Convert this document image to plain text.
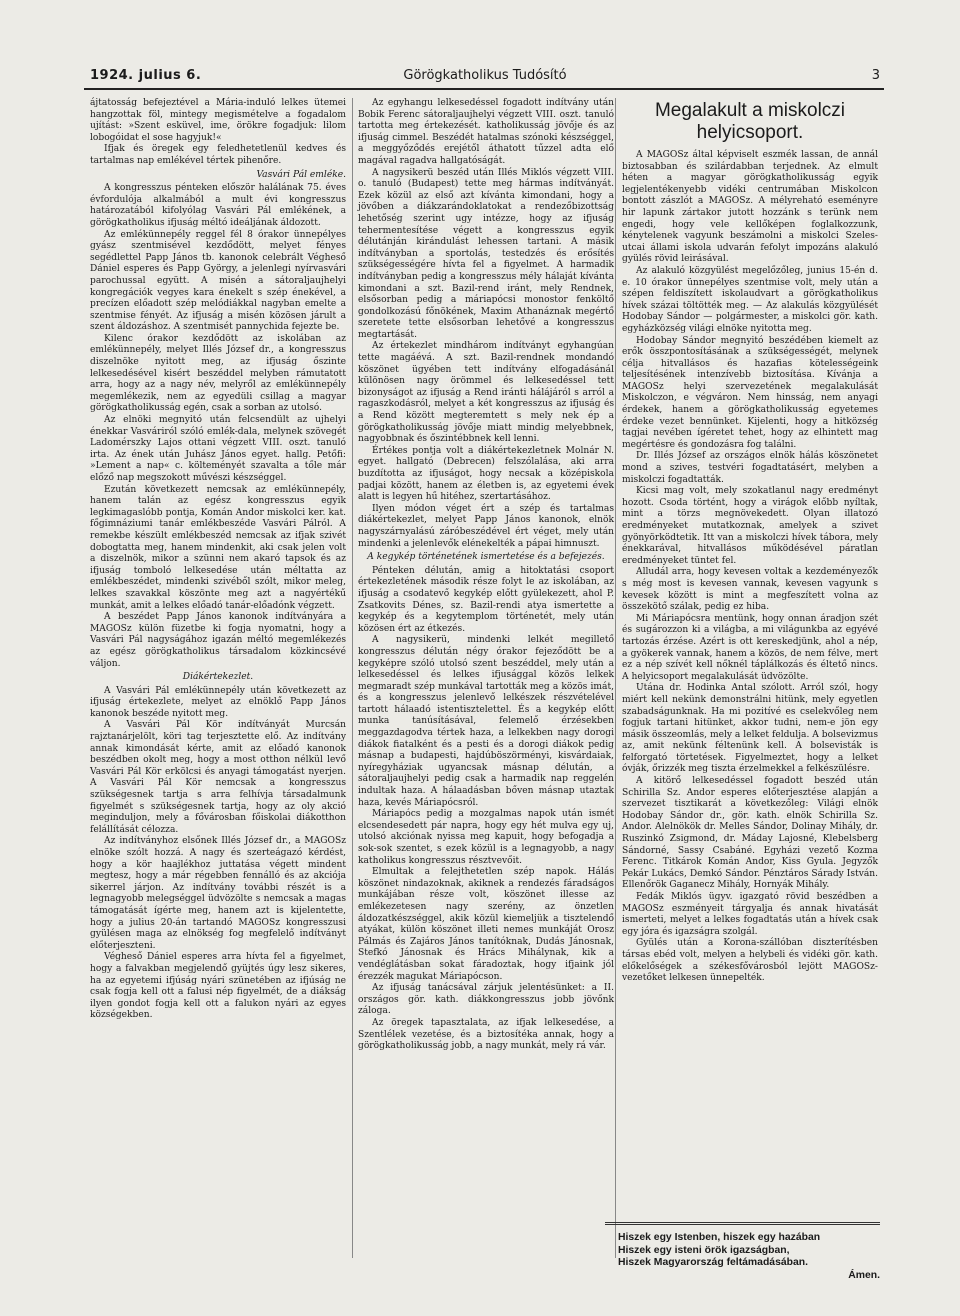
1924. julius 6.	Görögkatholikus Tudósító	3

ájtatosság befejeztével a Mária-induló lelkes ütemei hangzottak föl, mintegy megismételve a fogadalom ujítást: »Szent esküvel, ime, örökre fogadjuk: lilom lobogóidat el sose hagyjuk!«

Ifjak és öregek egy feledhetetlenül kedves és tartalmas nap emlékével tértek pihenőre.

Vasvári Pál emléke.

A kongresszus pénteken először halálának 75. éves évfordulója alkalmából a mult évi kongresszus határozatából kifolyólag Vasvári Pál emlékének, a görögkatholikus ifjuság méltó ideáljának áldozott.

Az emlékünnepély reggel fél 8 órakor ünnepélyes gyász szentmisével kezdődött, melyet fényes segédlettel Papp János tb. kanonok celebrált Végheső Dániel esperes és Papp György, a jelenlegi nyírvasvári parochussal együtt. A misén a sátoraljaujhelyi kongregációk vegyes kara énekelt s szép énekével, a precízen előadott szép melódiákkal nagyban emelte a szentmise fényét. Az ifjuság a misén közösen járult a szent áldozáshoz. A szentmisét pannychida fejezte be.

Kilenc órakor kezdődött az iskolában az emlékünnepély, melyet Illés József dr., a kongresszus diszelnöke nyitott meg, az ifjuság őszinte lelkesedésével kisért beszéddel melyben rámutatott arra, hogy az a nagy név, melyről az emlékünnepély megemlékezik, nem az egyedüli csillag a magyar görögkatholikusság egén, csak a sorban az utolsó.

Az elnöki megnyitó után felcsendült az ujhelyi énekkar Vasváriról szóló emlék-dala, melynek szövegét Ladomérszky Lajos ottani végzett VIII. oszt. tanuló irta. Az ének után Juhász János egyet. hallg. Petőfi: »Lement a nap« c. költeményét szavalta a tőle már előző nap megszokott művészi készséggel.

Ezután következett nemcsak az emlékünnepély, hanem talán az egész kongresszus egyik legkimagaslóbb pontja, Komán Andor miskolci ker. kat. főgimnáziumi tanár emlékbeszéde Vasvári Pálról. A remekbe készült emlékbeszéd nemcsak az ifjak szivét dobogtatta meg, hanem mindenkit, aki csak jelen volt a diszelnök, mikor a szünni nem akaró tapsok és az ifjuság tomboló lelkesedése után méltatta az emlékbeszédet, mindenki szivéből szólt, mikor meleg, lelkes szavakkal köszönte meg azt a nagyértékű munkát, amit a lelkes előadó tanár-előadónk végzett.

A beszédet Papp János kanonok indítványára a MAGOSz külön füzetbe ki fogja nyomatni, hogy a Vasvári Pál nagyságához igazán méltó megemlékezés az egész görögkatholikus társadalom közkincsévé váljon.

Diákértekezlet.

A Vasvári Pál emlékünnepély után következett az ifjuság értekezlete, melyet az elnöklő Papp János kanonok beszéde nyitott meg.

A Vasvári Pál Kör indítványát Murcsán rajztanárjelölt, köri tag terjesztette elő. Az indítvány annak kimondását kérte, amit az előadó kanonok beszédben okolt meg, hogy a most otthon nélkül levő Vasvári Pál Kör erkölcsi és anyagi támogatást nyerjen. A Vasvári Pál Kör nemcsak a kongresszus szükségesnek tartja s arra felhívja társadalmunk figyelmét s szükségesnek tartja, hogy az oly akció meginduljon, mely a fővárosban főiskolai diákotthon felállítását célozza.

Az indítványhoz elsőnek Illés József dr., a MAGOSz elnöke szólt hozzá. A nagy és szerteágazó kérdést, hogy a kör haajlékhoz juttatása végett mindent megtesz, hogy a már régebben fennálló és az akciója sikerrel járjon. Az indítvány további részét is a legnagyobb melegséggel üdvözölte s nemcsak a magas támogatását ígérte meg, hanem azt is kijelentette, hogy a julius 20-án tartandó MAGOSz kongresszusi gyülésen maga az elnökség fog megfelelő indítványt előterjeszteni.

Végheső Dániel esperes arra hívta fel a figyelmet, hogy a falvakban megjelendő gyüjtés úgy lesz sikeres, ha az egyetemi ifjúság nyári szünetében az ifjúság ne csak fogja kell ott a falusi nép figyelmét, de a diákság ilyen gondot fogja kell ott a falukon nyári az egyes községekben.

Az egyhangu lelkesedéssel fogadott indítvány után Bobik Ferenc sátoraljaujhelyi végzett VIII. oszt. tanuló tartotta meg értekezését. katholikusság jövője és az ifjuság cimmel. Beszédét hatalmas szónoki készséggel, a meggyőződés erejétől áthatott tűzzel adta elő magával ragadva hallgatóságát.

A nagysikerü beszéd után Illés Miklós végzett VIII. o. tanuló (Budapest) tette meg hármas indítványát. Ezek közül az első azt kívánta kimondani, hogy a jövőben a diákzarándoklatokat a rendezőbizottság lehetőség szerint ugy intézze, hogy az ifjuság tehermentesítése végett a kongresszus egyik délutánján kirándulást lehessen tartani. A másik indítványban a sportolás, testedzés és erősítés szükségességére hívta fel a figyelmet. A harmadik indítványban pedig a kongresszus mély hálaját kívánta kimondani a szt. Bazil-rend iránt, mely Rendnek, elsősorban pedig a máriapócsi monostor fenköltő gondolkozású főnökének, Maxim Athanáznak megértő szeretete tette elsősorban lehetővé a kongresszus megtartását.

Az értekezlet mindhárom indítványt egyhangúan tette magáévá. A szt. Bazil-rendnek mondandó köszönet ügyében tett indítvány elfogadásánál különösen nagy örömmel és lelkesedéssel tett bizonyságot az ifjuság a Rend iránti hálájáról s arról a ragaszkodásról, melyet a két kongresszus az ifjuság és a Rend között megteremtett s mely nek ép a görögkatholikusság jövője miatt mindig melyebbnek, nagyobbnak és őszintébbnek kell lenni.

Értékes pontja volt a diákértekezletnek Molnár N. egyet. hallgató (Debrecen) felszólalása, aki arra buzdította az ifjuságot, hogy necsak a középiskola padjai között, hanem az életben is, az egyetemi évek alatt is legyen hű hitéhez, szertartásához.

Ilyen módon véget ért a szép és tartalmas diákértekezlet, melyet Papp János kanonok, elnök nagyszárnyalású záróbeszédével ért véget, mely után mindenki a jelenlevők elénekelték a pápai himnuszt.

A kegykép történetének ismertetése és a befejezés.

Pénteken délután, amig a hitoktatási csoport értekezletének második része folyt le az iskolában, az ifjuság a csodatevő kegykép előtt gyülekezett, ahol P. Zsatkovits Dénes, sz. Bazil-rendi atya ismertette a kegykép és a kegytemplom történetét, mely után közösen ért az étkezés.

A nagysikerü, mindenki lelkét megillető kongresszus délután négy órakor fejeződött be a kegyképre szóló utolsó szent beszéddel, mely után a lelkesedéssel és lelkes ifjusággal közös lelkek megmaradt szép munkával tartották meg a közös imát, és a kongresszus jelenlevő lelkészek részvételével tartott hálaadó istentisztelettel. És a kegykép előtt munka tanúsításával, felemelő érzésekben meggazdagodva tértek haza, a lelkekben nagy dorogi diákok fiatalként és a pesti és a dorogi diákok pedig másnap a budapesti, hajdúböszörményi, kisvárdaiak, nyíregyháziak ugyancsak másnap délután, a sátoraljaujhelyi pedig csak a harmadik nap reggelén indultak haza. A hálaadásban bőven másnap utaztak haza, kevés Máriapócsról.

Máriapócs pedig a mozgalmas napok után ismét elcsendesedett pár napra, hogy egy hét mulva egy uj, utolsó akciónak nyissa meg kapuit, hogy befogadja a sok-sok szentet, s ezek közül is a legnagyobb, a nagy katholikus kongresszus résztvevőit.

Elmultak a felejthetetlen szép napok. Hálás köszönet nindazoknak, akiknek a rendezés fáradságos munkájában része volt, köszönet illesse az emlékezetesen nagy szerény, az önzetlen áldozatkészséggel, akik közül kiemeljük a tisztelendő atyákat, külön köszönet illeti nemes munkáját Orosz Pálmás és Zajáros János tanítóknak, Dudás Jánosnak, Stefkó Jánosnak és Hrács Mihálynak, kik a vendéglátásban sokat fáradoztak, hogy ifjaink jól érezzék magukat Máriapócson.

Az ifjuság tanácsával zárjuk jelentésünket: a II. országos gör. kath. diákkongresszus jobb jövőnk zálogа.

Az öregek tapasztalata, az ifjak lelkesedése, a Szentlélek vezetése, és a biztosítéka annak, hogy a görögkatholikusság jobb, a nagy munkát, mely rá vár.

Megalakult a miskolczi helyicsoport.

A MAGOSz által képviselt eszmék lassan, de annál biztosabban és szilárdabban terjednek. Az elmult héten a magyar görögkatholikusság egyik legjelentékenyebb vidéki centrumában Miskolcon bontott zászlót a MAGOSz. A mélyreható eseményre hir lapunk zártakor jutott hozzánk s terünk nem engedi, hogy vele kellőképen foglalkozzunk, kénytelenek vagyunk beszámolni a miskolci Szeles-utcai állami iskola udvarán fefolyt impozáns alakuló gyülés rövid leirásával.

Az alakuló közgyülést megelőzőleg, junius 15-én d. e. 10 órakor ünnepélyes szentmise volt, mely után a szépen feldiszített iskolaudvart a görögkatholikus hívek százai töltötték meg. — Az alakulás közgyülését Hodobay Sándor — polgármester, a miskolci gör. kath. egyházközség világi elnöke nyitotta meg.

Hodobay Sándor megnyitó beszédében kiemelt az erők összpontosításának a szükségességét, melynek célja hitvallásos és hazafias kötelességeink teljesítésének intenzívebb biztosítása. Kívánja a MAGOSz helyi szervezetének megalakulását Miskolczon, e végváron. Nem hinsság, nem anyagi érdekek, hanem a görögkatholikusság egyetemes érdeke vezet bennünket. Kijelenti, hogy a hitközség tagjai nevében ígéretet tehet, hogy az elhintett mag megértésre és gondozásra fog találni.

Dr. Illés József az országos elnök hálás köszönetet mond a szives, testvéri fogadtatásért, melyben a miskolczi fogadtatták.

Kicsi mag volt, mely szokatlanul nagy eredményt hozott. Csoda történt, hogy a virágok előbb nyíltak, mint a törzs megnövekedett. Olyan illatozó eredményeket mutatkoznak, amelyek a szivet gyönyörködtetik. Itt van a miskolczi hívek tábora, mely énekkarával, hitvallásos működésével páratlan eredményeket tüntet fel.

Alludál arra, hogy kevesen voltak a kezdeményezők s még most is kevesen vannak, kevesen vagyunk s kevesek között is mint a megfeszített volna az összekötő szálak, pedig ez hiba.

Mi Máriapócsra mentünk, hogy onnan áradjon szét és sugározzon ki a világba, a mi világunkba az egyévé tartozás érzése. Azért is ott kereskedjünk, ahol a nép, a gyökerek vannak, hanem a közös, de nem félve, mert ez a nép szívét kell nőknél táplálkozás és éltető nincs. A helyicsoport megalakulását üdvözölte.

Utána dr. Hodinka Antal szólott. Arról szól, hogy miért kell nekünk demonstrálni hitünk, mely egyetlen szabadságunknak. Ha mi pozitívé es cselekvőleg nem fogjuk tartani hitünket, akkor tudni, nem-e jön egy másik összeomlás, mely a lelket feldulja. A bolsevizmus az, amit nekünk féltenünk kell. A bolsevisták is felforgató törtetések. Figyelmeztet, hogy a lelket óvják, őrizzék meg tiszta érzelmekkel a felkészülésre.

A kitörő lelkesedéssel fogadott beszéd után Schirilla Sz. Andor esperes előterjesztése alapján a szervezet tisztikarát a következőleg: Világi elnök Hodobay Sándor dr., gör. kath. elnök Schirilla Sz. Andor. Alelnökök dr. Melles Sándor, Dolinay Mihály, dr. Ruszinkó Zsigmond, dr. Máday Lajosné, Klebelsberg Sándorné, Sassy Csabáné. Egyházi vezető Kozma Ferenc. Titkárok Komán Andor, Kiss Gyula. Jegyzők Pekár Lukács, Demkó Sándor. Pénztáros Sárady István. Ellenőrök Gaganecz Mihály, Hornyák Mihály.

Fedák Miklós ügyv. igazgató rövid beszédben a MAGOSz eszményeit tárgyalja és annak hivatását ismerteti, melyet a lelkes fogadtatás után a hívek csak egy jóra és igazságra szolgál.

Gyülés után a Korona-szállóban diszterítésben társas ebéd volt, melyen a helybeli és vidéki gör. kath. előkelőségek a székesfővárosból lejött MAGOSz-vezetőket lelkesen ünnepelték.

Hiszek egy Istenben, hiszek egy hazában
Hiszek egy isteni örök igazságban,
Hiszek Magyarország feltámadásában.
Ámen.
